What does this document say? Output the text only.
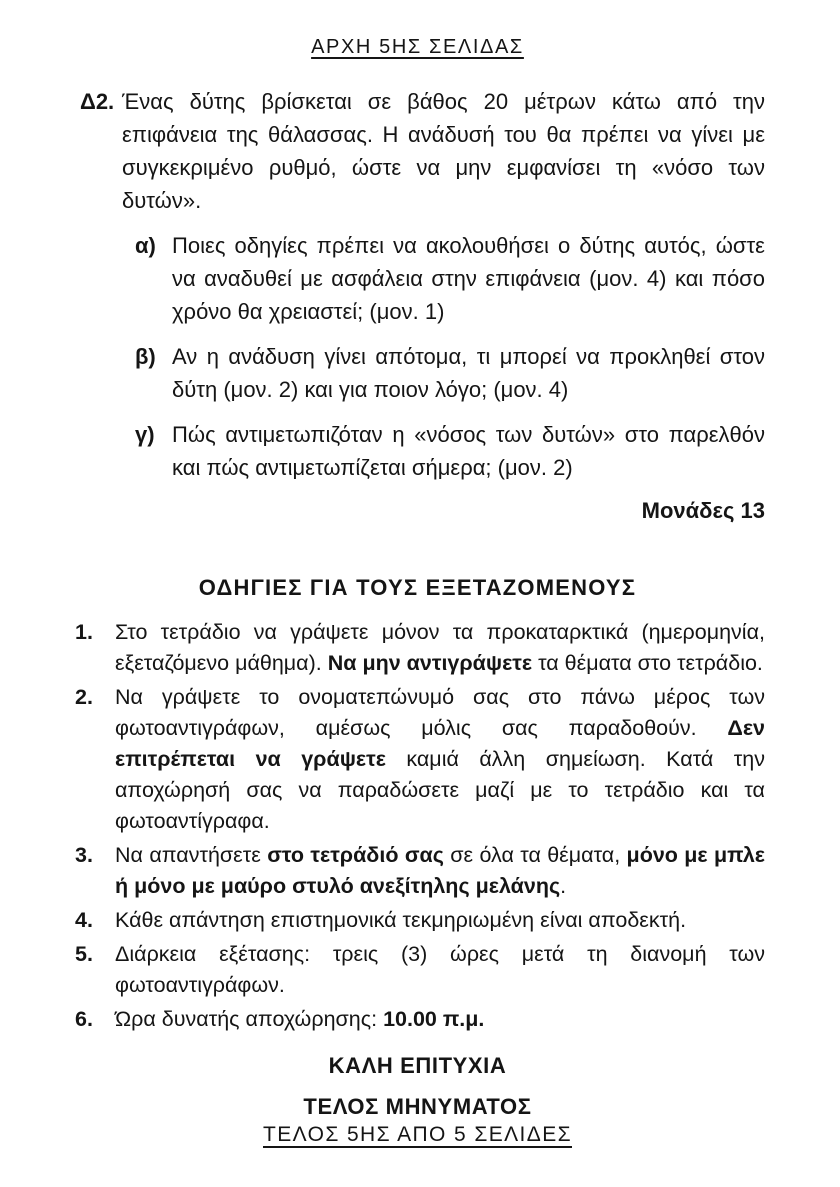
ΑΡΧΗ 5ΗΣ ΣΕΛΙΔΑΣ
Δ2. Ένας δύτης βρίσκεται σε βάθος 20 μέτρων κάτω από την επιφάνεια της θάλασσας. Η ανάδυσή του θα πρέπει να γίνει με συγκεκριμένο ρυθμό, ώστε να μην εμφανίσει τη «νόσο των δυτών».
α) Ποιες οδηγίες πρέπει να ακολουθήσει ο δύτης αυτός, ώστε να αναδυθεί με ασφάλεια στην επιφάνεια (μον. 4) και πόσο χρόνο θα χρειαστεί; (μον. 1)
β) Αν η ανάδυση γίνει απότομα, τι μπορεί να προκληθεί στον δύτη (μον. 2) και για ποιον λόγο; (μον. 4)
γ) Πώς αντιμετωπιζόταν η «νόσος των δυτών» στο παρελθόν και πώς αντιμετωπίζεται σήμερα; (μον. 2)
Μονάδες 13
ΟΔΗΓΙΕΣ ΓΙΑ ΤΟΥΣ ΕΞΕΤΑΖΟΜΕΝΟΥΣ
1.	Στο τετράδιο να γράψετε μόνον τα προκαταρκτικά (ημερομηνία, εξεταζόμενο μάθημα). Να μην αντιγράψετε τα θέματα στο τετράδιο.
2.	Να γράψετε το ονοματεπώνυμό σας στο πάνω μέρος των φωτοαντιγράφων, αμέσως μόλις σας παραδοθούν. Δεν επιτρέπεται να γράψετε καμιά άλλη σημείωση. Κατά την αποχώρησή σας να παραδώσετε μαζί με το τετράδιο και τα φωτοαντίγραφα.
3.	Να απαντήσετε στο τετράδιό σας σε όλα τα θέματα, μόνο με μπλε ή μόνο με μαύρο στυλό ανεξίτηλης μελάνης.
4.	Κάθε απάντηση επιστημονικά τεκμηριωμένη είναι αποδεκτή.
5.	Διάρκεια εξέτασης: τρεις (3) ώρες μετά τη διανομή των φωτοαντιγράφων.
6.	Ώρα δυνατής αποχώρησης: 10.00 π.μ.
ΚΑΛΗ ΕΠΙΤΥΧΙΑ
ΤΕΛΟΣ ΜΗΝΥΜΑΤΟΣ
ΤΕΛΟΣ 5ΗΣ ΑΠΟ 5 ΣΕΛΙΔΕΣ
